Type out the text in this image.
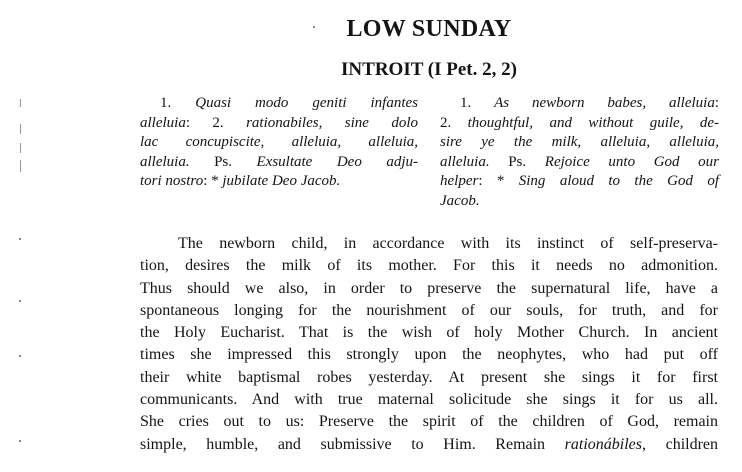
LOW SUNDAY
INTROIT (I Pet. 2, 2)
1. Quasi modo geniti infantes
alleluia: 2. rationabiles, sine dolo
lac concupiscite, alleluia, alleluia,
alleluia. Ps. Exsultate Deo adju-
tori nostro: * jubilate Deo Jacob.
1. As newborn babes, alleluia:
2. thoughtful, and without guile, de-
sire ye the milk, alleluia, alleluia,
alleluia. Ps. Rejoice unto God our
helper: * Sing aloud to the God of
Jacob.
The newborn child, in accordance with its instinct of self-preserva-
tion, desires the milk of its mother. For this it needs no admonition.
Thus should we also, in order to preserve the supernatural life, have a
spontaneous longing for the nourishment of our souls, for truth, and for
the Holy Eucharist. That is the wish of holy Mother Church. In ancient
times she impressed this strongly upon the neophytes, who had put off
their white baptismal robes yesterday. At present she sings it for first
communicants. And with true maternal solicitude she sings it for us all.
She cries out to us: Preserve the spirit of the children of God, remain
simple, humble, and submissive to Him. Remain rationábiles, children
